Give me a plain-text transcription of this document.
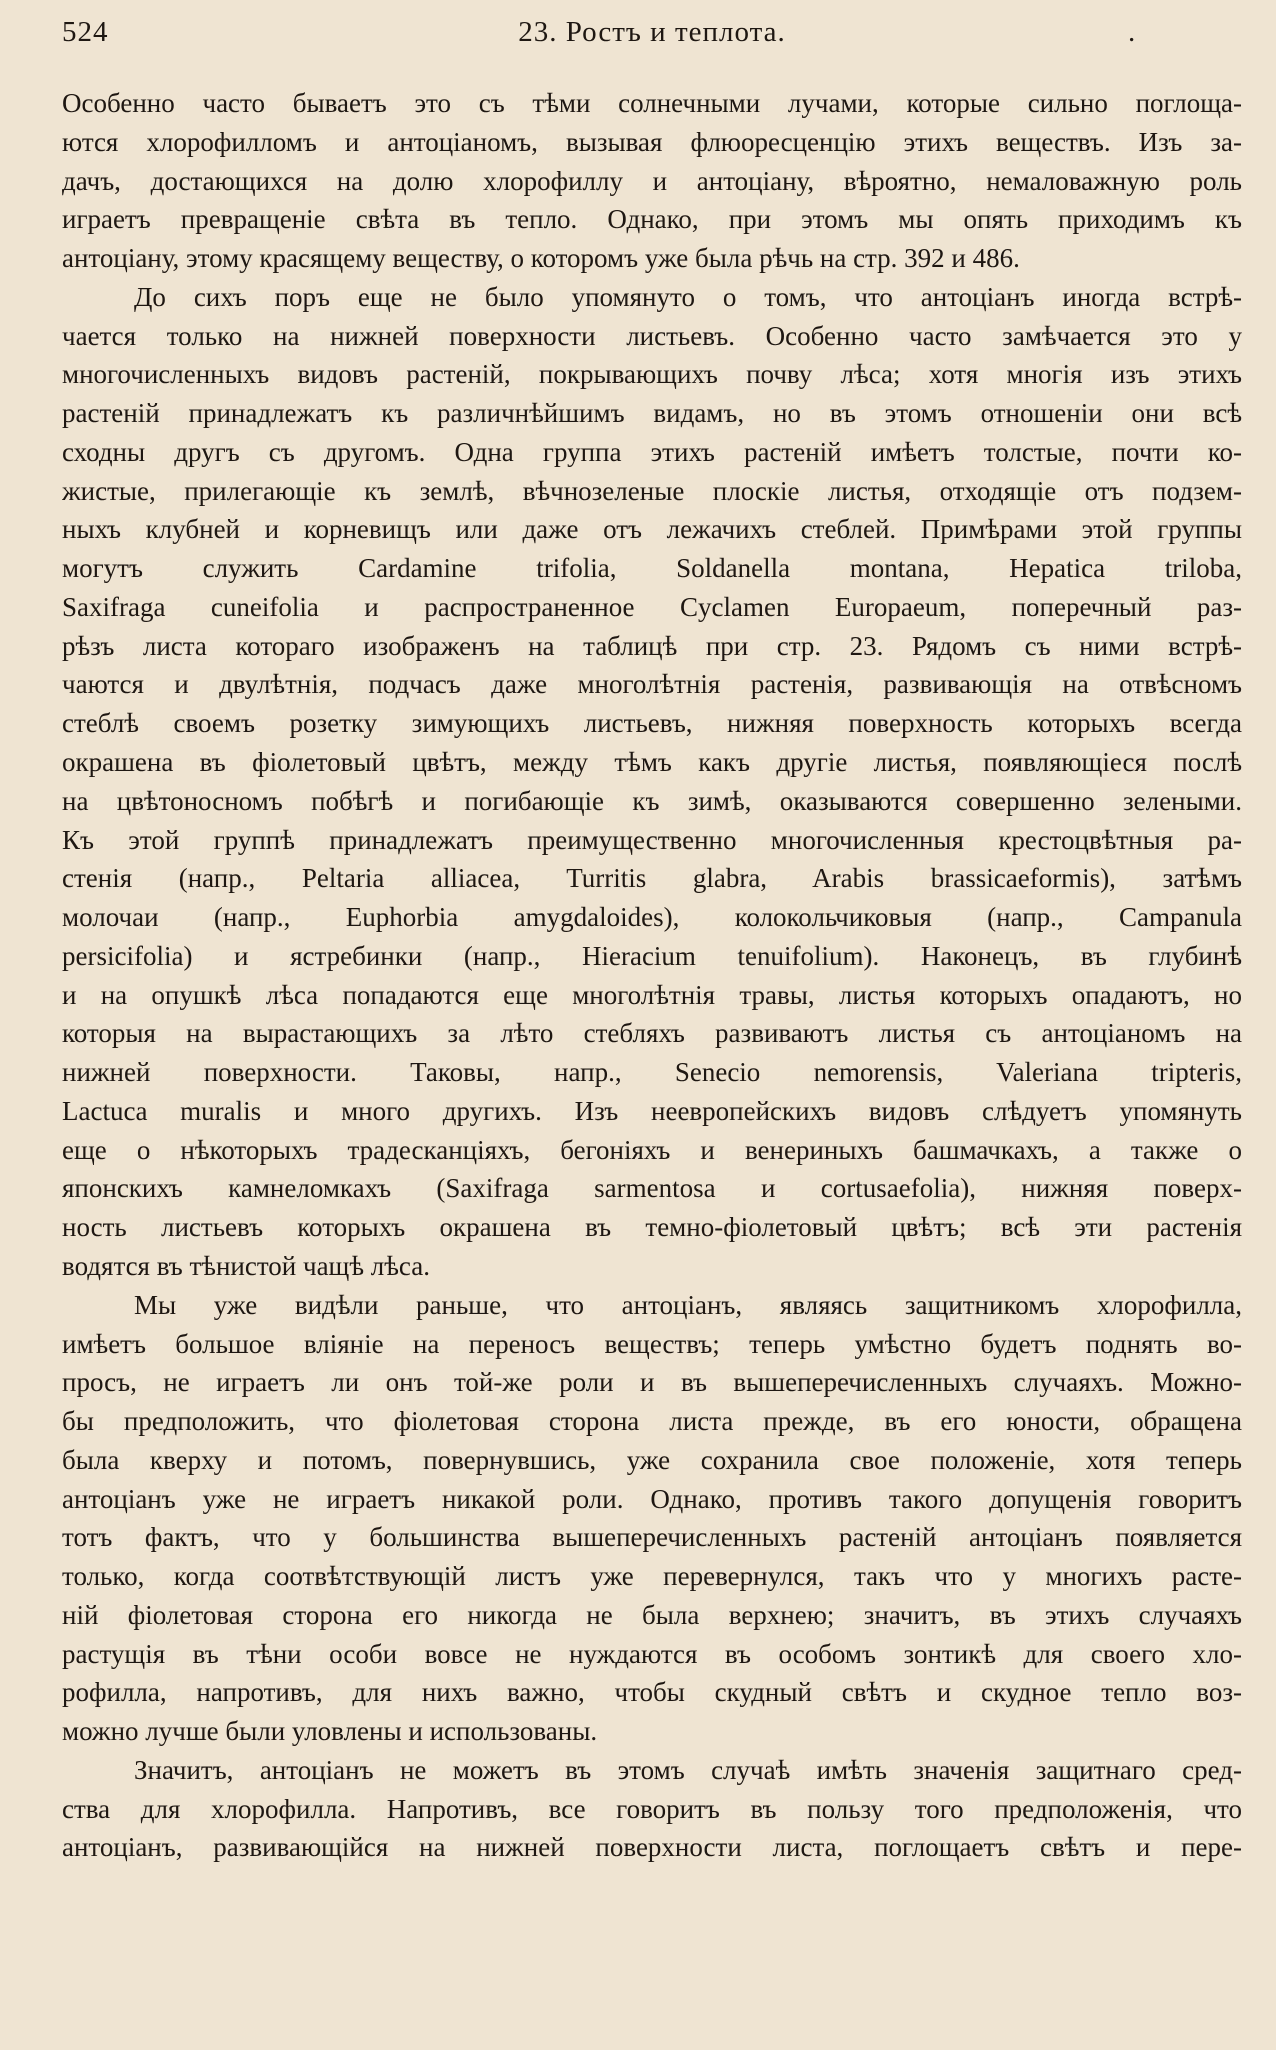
524	23. Ростъ и теплота.	.
Особенно часто бываетъ это съ тѣми солнечными лучами, которые сильно поглоща-
ются хлорофилломъ и антоціаномъ, вызывая флюоресценцію этихъ веществъ. Изъ за-
дачъ, достающихся на долю хлорофиллу и антоціану, вѣроятно, немаловажную роль
играетъ превращеніе свѣта въ тепло. Однако, при этомъ мы опять приходимъ къ
антоціану, этому красящему веществу, о которомъ уже была рѣчь на стр. 392 и 486.
До сихъ поръ еще не было упомянуто о томъ, что антоціанъ иногда встрѣ-
чается только на нижней поверхности листьевъ. Особенно часто замѣчается это у
многочисленныхъ видовъ растеній, покрывающихъ почву лѣса; хотя многія изъ этихъ
растеній принадлежатъ къ различнѣйшимъ видамъ, но въ этомъ отношеніи они всѣ
сходны другъ съ другомъ. Одна группа этихъ растеній имѣетъ толстые, почти ко-
жистые, прилегающіе къ землѣ, вѣчнозеленые плоскіе листья, отходящіе отъ подзем-
ныхъ клубней и корневищъ или даже отъ лежачихъ стеблей. Примѣрами этой группы
могутъ служить Cardamine trifolia, Soldanella montana, Hepatica triloba,
Saxifraga cuneifolia и распространенное Cyclamen Europaeum, поперечный раз-
рѣзъ листа котораго изображенъ на таблицѣ при стр. 23. Рядомъ съ ними встрѣ-
чаются и двулѣтнія, подчасъ даже многолѣтнія растенія, развивающія на отвѣсномъ
стеблѣ своемъ розетку зимующихъ листьевъ, нижняя поверхность которыхъ всегда
окрашена въ фіолетовый цвѣтъ, между тѣмъ какъ другіе листья, появляющіеся послѣ
на цвѣтоносномъ побѣгѣ и погибающіе къ зимѣ, оказываются совершенно зелеными.
Къ этой группѣ принадлежатъ преимущественно многочисленныя крестоцвѣтныя ра-
стенія (напр., Peltaria alliacea, Turritis glabra, Arabis brassicaeformis), затѣмъ
молочаи (напр., Euphorbia amygdaloides), колокольчиковыя (напр., Campanula
persicifolia) и ястребинки (напр., Hieracium tenuifolium). Наконецъ, въ глубинѣ
и на опушкѣ лѣса попадаются еще многолѣтнія травы, листья которыхъ опадаютъ, но
которыя на вырастающихъ за лѣто стебляхъ развиваютъ листья съ антоціаномъ на
нижней поверхности. Таковы, напр., Senecio nemorensis, Valeriana tripteris,
Lactuca muralis и много другихъ. Изъ неевропейскихъ видовъ слѣдуетъ упомянуть
еще о нѣкоторыхъ традесканціяхъ, бегоніяхъ и венериныхъ башмачкахъ, а также о
японскихъ камнеломкахъ (Saxifraga sarmentosa и cortusaefolia), нижняя поверх-
ность листьевъ которыхъ окрашена въ темно-фіолетовый цвѣтъ; всѣ эти растенія
водятся въ тѣнистой чащѣ лѣса.
Мы уже видѣли раньше, что антоціанъ, являясь защитникомъ хлорофилла,
имѣетъ большое вліяніе на переносъ веществъ; теперь умѣстно будетъ поднять во-
просъ, не играетъ ли онъ той-же роли и въ вышеперечисленныхъ случаяхъ. Можно-
бы предположить, что фіолетовая сторона листа прежде, въ его юности, обращена
была кверху и потомъ, повернувшись, уже сохранила свое положеніе, хотя теперь
антоціанъ уже не играетъ никакой роли. Однако, противъ такого допущенія говоритъ
тотъ фактъ, что у большинства вышеперечисленныхъ растеній антоціанъ появляется
только, когда соотвѣтствующій листъ уже перевернулся, такъ что у многихъ расте-
ній фіолетовая сторона его никогда не была верхнею; значитъ, въ этихъ случаяхъ
растущія въ тѣни особи вовсе не нуждаются въ особомъ зонтикѣ для своего хло-
рофилла, напротивъ, для нихъ важно, чтобы скудный свѣтъ и скудное тепло воз-
можно лучше были уловлены и использованы.
Значитъ, антоціанъ не можетъ въ этомъ случаѣ имѣть значенія защитнаго сред-
ства для хлорофилла. Напротивъ, все говоритъ въ пользу того предположенія, что
антоціанъ, развивающійся на нижней поверхности листа, поглощаетъ свѣтъ и пере-
